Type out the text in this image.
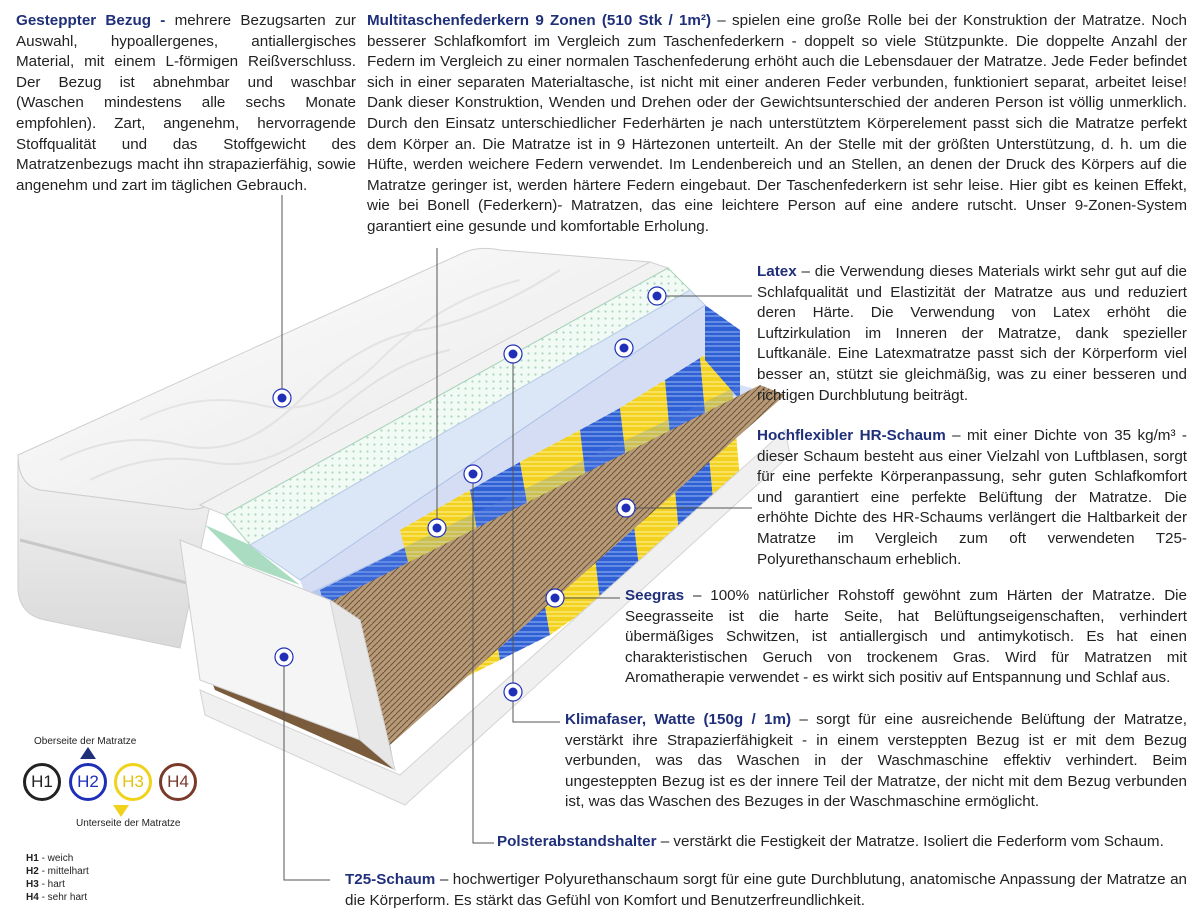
Gesteppter Bezug - mehrere Bezugsarten zur Auswahl, hypoallergenes, antiallergisches Material, mit einem L-förmigen Reißverschluss. Der Bezug ist abnehmbar und waschbar (Waschen mindestens alle sechs Monate empfohlen). Zart, angenehm, hervorragende Stoffqualität und das Stoffgewicht des Matratzenbezugs macht ihn strapazierfähig, sowie angenehm und zart im täglichen Gebrauch.
Multitaschenfederkern 9 Zonen (510 Stk / 1m²) – spielen eine große Rolle bei der Konstruktion der Matratze. Noch besserer Schlafkomfort im Vergleich zum Taschenfederkern - doppelt so viele Stützpunkte. Die doppelte Anzahl der Federn im Vergleich zu einer normalen Taschenfederung erhöht auch die Lebensdauer der Matratze. Jede Feder befindet sich in einer separaten Materialtasche, ist nicht mit einer anderen Feder verbunden, funktioniert separat, arbeitet leise! Dank dieser Konstruktion, Wenden und Drehen oder der Gewichtsunterschied der anderen Person ist völlig unmerklich. Durch den Einsatz unterschiedlicher Federhärten je nach unterstütztem Körperelement passt sich die Matratze perfekt dem Körper an. Die Matratze ist in 9 Härtezonen unterteilt. An der Stelle mit der größten Unterstützung, d. h. um die Hüfte, werden weichere Federn verwendet. Im Lendenbereich und an Stellen, an denen der Druck des Körpers auf die Matratze geringer ist, werden härtere Federn eingebaut. Der Taschenfederkern ist sehr leise. Hier gibt es keinen Effekt, wie bei Bonell (Federkern)- Matratzen, das eine leichtere Person auf eine andere rutscht. Unser 9-Zonen-System garantiert eine gesunde und komfortable Erholung.
Latex – die Verwendung dieses Materials wirkt sehr gut auf die Schlafqualität und Elastizität der Matratze aus und reduziert deren Härte. Die Verwendung von Latex erhöht die Luftzirkulation im Inneren der Matratze, dank spezieller Luftkanäle. Eine Latexmatratze passt sich der Körperform viel besser an, stützt sie gleichmäßig, was zu einer besseren und richtigen Durchblutung beiträgt.
Hochflexibler HR-Schaum – mit einer Dichte von 35 kg/m³ - dieser Schaum besteht aus einer Vielzahl von Luftblasen, sorgt für eine perfekte Körperanpassung, sehr guten Schlafkomfort und garantiert eine perfekte Belüftung der Matratze. Die erhöhte Dichte des HR-Schaums verlängert die Haltbarkeit der Matratze im Vergleich zum oft verwendeten T25-Polyurethanschaum erheblich.
Seegras – 100% natürlicher Rohstoff gewöhnt zum Härten der Matratze. Die Seegrasseite ist die harte Seite, hat Belüftungseigenschaften, verhindert übermäßiges Schwitzen, ist antiallergisch und antimykotisch. Es hat einen charakteristischen Geruch von trockenem Gras. Wird für Matratzen mit Aromatherapie verwendet - es wirkt sich positiv auf Entspannung und Schlaf aus.
Klimafaser, Watte (150g / 1m) – sorgt für eine ausreichende Belüftung der Matratze, verstärkt ihre Strapazierfähigkeit - in einem versteppten Bezug ist er mit dem Bezug verbunden, was das Waschen in der Waschmaschine effektiv verhindert. Beim ungesteppten Bezug ist es der innere Teil der Matratze, der nicht mit dem Bezug verbunden ist, was das Waschen des Bezuges in der Waschmaschine ermöglicht.
Polsterabstandshalter – verstärkt die Festigkeit der Matratze. Isoliert die Federform vom Schaum.
T25-Schaum – hochwertiger Polyurethanschaum sorgt für eine gute Durchblutung, anatomische Anpassung der Matratze an die Körperform. Es stärkt das Gefühl von Komfort und Benutzerfreundlichkeit.
Oberseite der Matratze
H1	H2	H3	H4
Unterseite der Matratze
H1 - weich
H2 - mittelhart
H3 - hart
H4 - sehr hart
